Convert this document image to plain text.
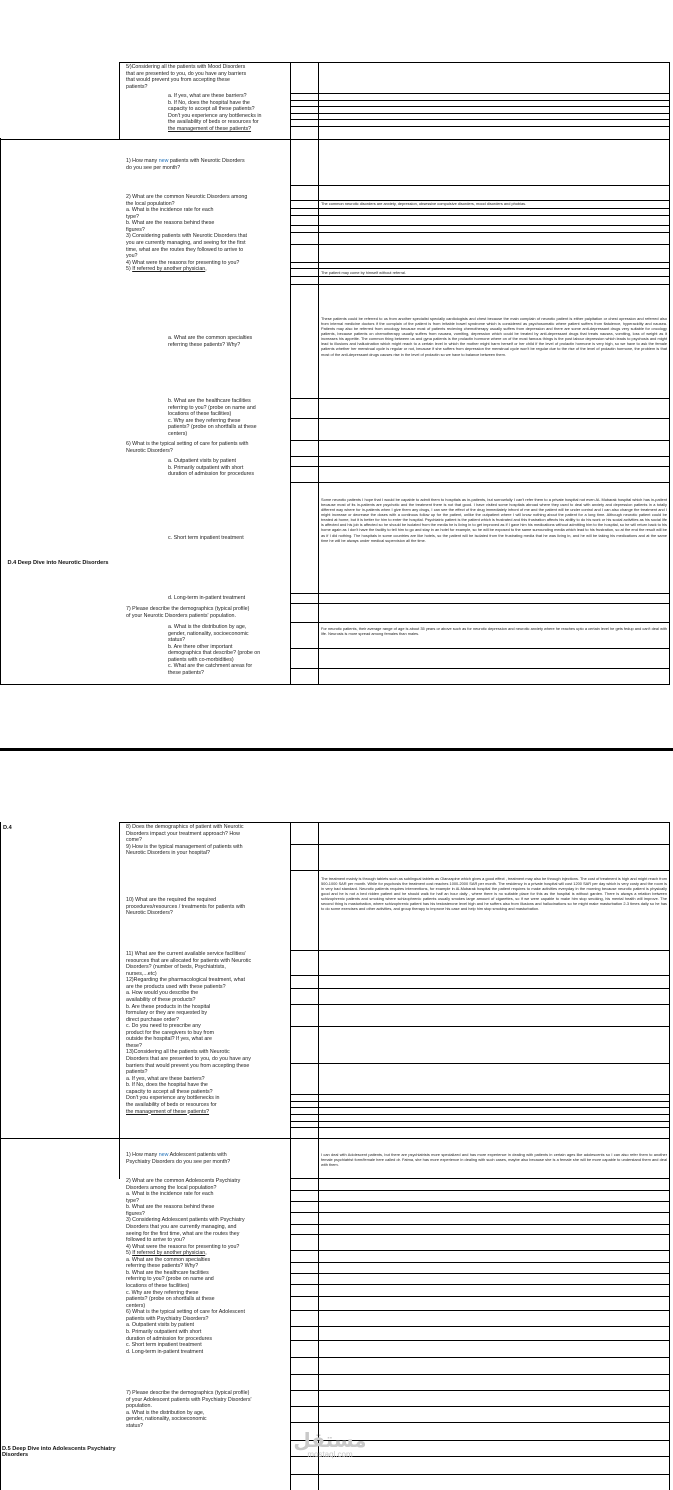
5⁄)Considering all the patients with Mood Disorders
that are presented to you, do you have any barriers
that would prevent you from accepting these
patients?

a. If yes, what are these barriers?
b. If No, does the hospital have the
capacity to accept all these patients?
Don't you experience any bottlenecks in
the availability of beds or resources for
the management of these patients?

1) How many new patients with Neurotic Disorders
do you see per month?

2) What are the common Neurotic Disorders among
the local population?
a. What is the incidence rate for each
type?
b. What are the reasons behind these
figures?
3) Considering patients with Neurotic Disorders that
you are currently managing, and seeing for the first
time, what are the routes they followed to arrive to
you?
4) What were the reasons for presenting to you?
5) If referred by another physician,

a. What are the common specialties
referring these patients? Why?

b. What are the healthcare facilities
referring to you? (probe on name and
locations of these facilities)
c. Why are they referring these
patients? (probe on shortfalls at these
centers)

6) What is the typical setting of care for patients with
Neurotic Disorders?

a. Outpatient visits by patient
b. Primarily outpatient with short
duration of admission for procedures

c. Short term inpatient treatment

d. Long-term in-patient treatment

7) Please describe the demographics (typical profile)
of your Neurotic Disorders patients' population.

a. What is the distribution by age,
gender, nationality, socioeconomic
status?
b. Are there other important
demographics that describe? (probe on
patients with co-morbidities)
c. What are the catchment areas for
these patients?

D.4 Deep Dive into Neurotic Disorders

The common neurotic disorders are anxiety, depression, obsessive compulsive disorders, mood disorders and phobias.

The patient may come by himself without referral.

These patients could be referred to us from another specialist specially cardiologists and chest because the main complain of neurotic patient is either palpitation or chest opression and referred also from internal medicine doctors if the complain of the patient is from irritable bowel syndrome which is considered as psychosomatic where patient suffers from flatulence, hyperacidity and nausea. Patients may also be referred from oncology because most of patients recieving chemotherapy usually suffers from depression and there are some anti-depressant drugs very suitable for oncology patients, because patients on chemotherapy usually suffers from nausea, vomiting, depression which could be treated by anti-depressant drugs that treats nausea, vomiting, loss of weight as it increases his appetite. The common thing between us and gyna patients is the prolactin hormone where on of the most famous things is the post labour depression which leads to psychosis and might lead to illusions and hallucination which might reach to a certain level in which the mother might harm herself or her child if the level of prolactin hormone is very high, so we have to ask the female patients whether her menstrual cycle is regular or not, because if she suffers from depression the menstrual cycle won't be regular due to the rise of the level of prolactin hormone, the problem is that most of the anti-depressant drugs causes rise in the level of prolactin so we have to balance between them.

Some neurotic patients I hope that I would be capable to admit them to hospitals as in-patients, but sorrowfully I can't refer them to a private hospital not even Al- Mubarak hospital which has in-patient because most of its in-patients are psychotic and the treatment there is not that good. I have visited some hospitals abroad where they used to deal with anxiety and depression patients in a totally different way where for in-patients when I give them any drugs, I can see the effect of the drug immediately infront of me and the patient will be under control and I can also change the treatment and I might increase or decrease the doses with a continous follow up for the patient, unlike the outpatient where I will know nothing about the patient for a long time. Although neurotic patient could be treated at home, but it is better for him to enter the hospital. Psychiatric patient is the patient which is frustrated and this frustration affects his ability to do his work or his social activities as his social life is affected and his job is affected so he should be isolated from the media he is living in to get improved as if I gave him his medications without admitting him to the hospital, so he will return back to his home again as I don't have the facility to tell him to go and stay in an hotel for example, so he will be exposed to the same surrounding media which lead to his frustration, so at the end the result will be as if I did nothing. The hospitals in some countries are like hotels, so the patient will be isolated from the frustrating media that he was living in, and he will be taking his medications and at the same time he will be always under medical supervision all the time.

For neurotic patients, their average range of age is about 35 years or above such as for neurotic depression and neurotic anxiety where he reaches upto a certain level he gets fedup and can't deal with life. Neurosis is more spread among females than males.

D.4	8) Does the demographics of patient with Neurotic
Disorders impact your treatment approach? How
come?
9) How is the typical management of patients with
Neurotic Disorders in your hospital?

10) What are the required the required
procedures/resources / treatments for patients with
Neurotic Disorders?

11) What are the current available service facilities/
resources that are allocated for patients with Neurotic
Disorders? (number of beds, Psychiatrists,
nurses,...etc)
12)Regarding the pharmacological treatment, what
are the products used with these patients?
a. How would you describe the
availability of these products?
b. Are these products in the hospital
formulary or they are requested by
direct purchase order?
c. Do you need to prescribe any
product for the caregivers to buy from
outside the hospital? If yes, what are
these?
13)Considering all the patients with Neurotic
Disorders that are presented to you, do you have any
barriers that would prevent you from accepting these
patients?
a. If yes, what are these barriers?
b. If No, does the hospital have the
capacity to accept all these patients?
Don't you experience any bottlenecks in
the availability of beds or resources for
the management of these patients?

1) How many new Adolescent patients with
Psychiatry Disorders do you see per month?

2) What are the common Adolescents Psychiatry
Disorders among the local population?
a. What is the incidence rate for each
type?
b. What are the reasons behind these
figures?
3) Considering Adolescent patients with Psychiatry
Disorders that you are currently managing, and
seeing for the first time, what are the routes they
followed to arrive to you?
4) What were the reasons for presenting to you?
5) If referred by another physician,
a. What are the common specialties
referring these patients? Why?
b. What are the healthcare facilities
referring to you? (probe on name and
locations of these facilities)
c. Why are they referring these
patients? (probe on shortfalls at these
centers)
6) What is the typical setting of care for Adolescent
patients with Psychiatry Disorders?
a. Outpatient visits by patient
b. Primarily outpatient with short
duration of admission for procedures
c. Short term inpatient treatment
d. Long-term in-patient treatment

7) Please describe the demographics (typical profile)
of your Adolescent patients with Psychiatry Disorders'
population.
a. What is the distribution by age,
gender, nationality, socioeconomic
status?

D.5 Deep Dive into Adolescents Psychiatry Disorders

The treatment mainly is through tablets such as sublingual tablets as Olanzapine which gives a good effect , treatment may also be through injections. The cost of treatment is high and might reach from 500-1000 SAR per month. While for psychosis the treatment cost reaches 1000-2000 SAR per month. The residency in a private hospital will cost 1200 SAR per day which is very costy and the room is in very bad standard. Neurotic patients requires interventions, for example in Al-Mubarak hospital the patient requires to make activities everyday in the morning because neurotic patient is physically good and he is not a bed ridden patient and he should walk for half an hour daily , where there is no suitable place for this as the hospital is without garden. There is always a relation between schizophrenic patients and smoking where schizophrenic patients usually smokes large amount of cigarettes, so if we were capable to make him stop smoking, his mental health will improve. The second thing is masturbation, where schizophrenic patient has his testosterone level high and he suffers also from illusions and hallucinations so he might make masturbation 2-3 times daily so he has to do some exercises and other activities, and group therapy to improve his case and help him stop smoking and masturbation.

I can deal with Adolescent patients, but there are psychiatrists more specialized and has more experience in dealing with patients in certain ages like adolescents so I can also refer them to another female psychiatrist form/female here called dr. Fatma, she has more experience in dealing with such cases, maybe also because she is a female she will be more capable to understand them and deal with them.

مستقل
mostaql.com
